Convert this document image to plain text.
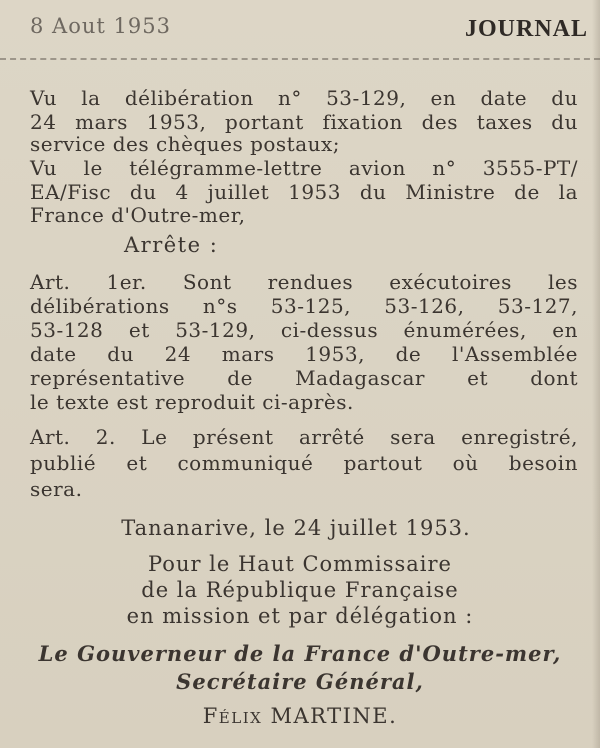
8 Aout 1953	JOURNAL
Vu la délibération n° 53-129, en date du
24 mars 1953, portant fixation des taxes du
service des chèques postaux;
Vu le télégramme-lettre avion n° 3555-PT/
EA/Fisc du 4 juillet 1953 du Ministre de la
France d'Outre-mer,
Arrête :
Art. 1er. Sont rendues exécutoires les
délibérations n°s 53-125, 53-126, 53-127,
53-128 et 53-129, ci-dessus énumérées, en
date du 24 mars 1953, de l'Assemblée
représentative de Madagascar et dont
le texte est reproduit ci-après.
Art. 2. Le présent arrêté sera enregistré,
publié et communiqué partout où besoin
sera.
Tananarive, le 24 juillet 1953.
Pour le Haut Commissaire
de la République Française
en mission et par délégation :
Le Gouverneur de la France d'Outre-mer,
Secrétaire Général,
Félix MARTINE.
